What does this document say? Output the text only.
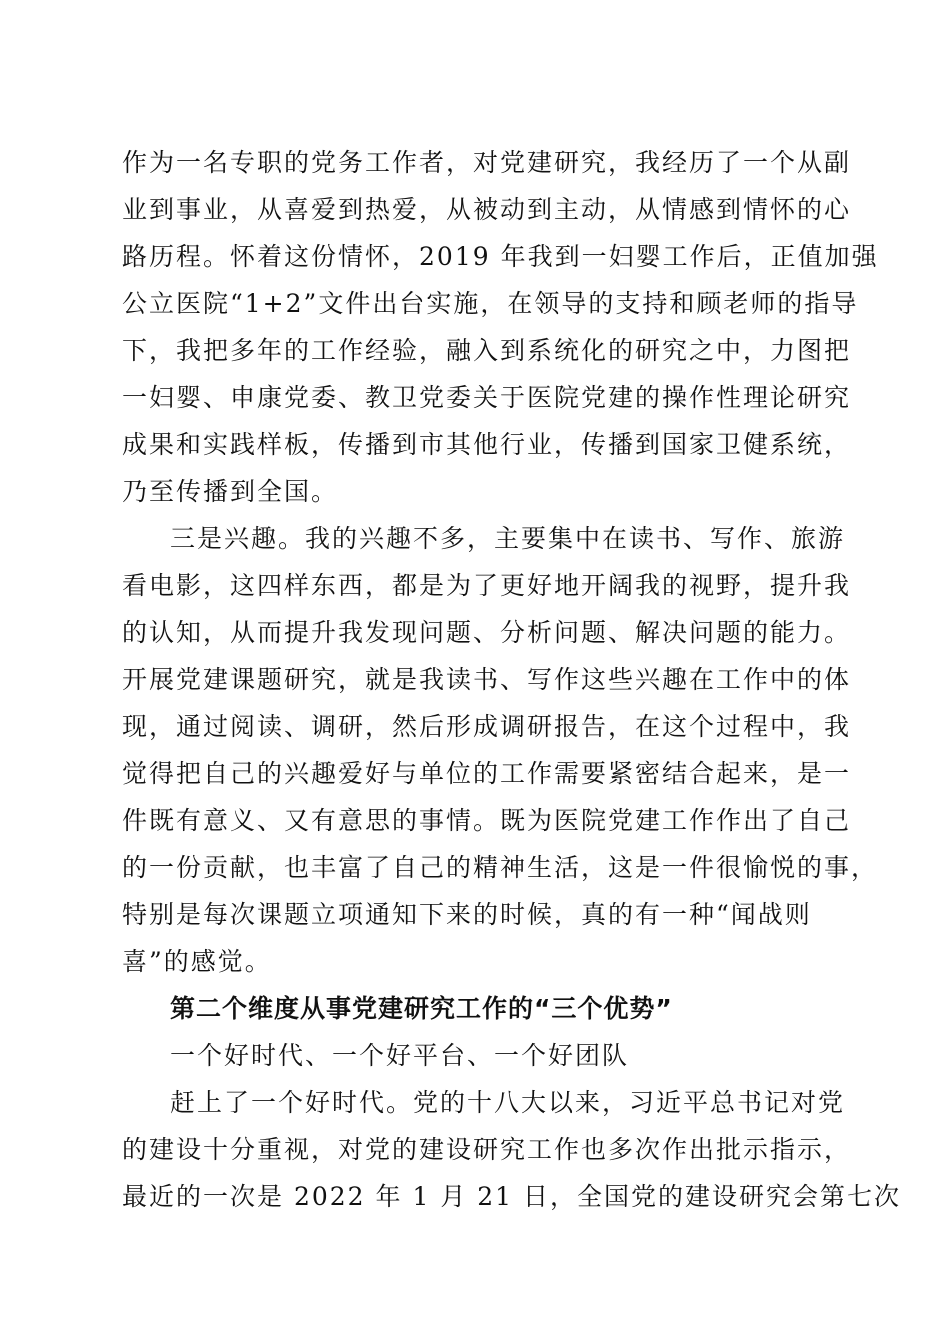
作为一名专职的党务工作者，对党建研究，我经历了一个从副
业到事业，从喜爱到热爱，从被动到主动，从情感到情怀的心
路历程。怀着这份情怀，2019 年我到一妇婴工作后，正值加强
公立医院“1+2”文件出台实施，在领导的支持和顾老师的指导
下，我把多年的工作经验，融入到系统化的研究之中，力图把
一妇婴、申康党委、教卫党委关于医院党建的操作性理论研究
成果和实践样板，传播到市其他行业，传播到国家卫健系统，
乃至传播到全国。
三是兴趣。我的兴趣不多，主要集中在读书、写作、旅游
看电影，这四样东西，都是为了更好地开阔我的视野，提升我
的认知，从而提升我发现问题、分析问题、解决问题的能力。
开展党建课题研究，就是我读书、写作这些兴趣在工作中的体
现，通过阅读、调研，然后形成调研报告，在这个过程中，我
觉得把自己的兴趣爱好与单位的工作需要紧密结合起来，是一
件既有意义、又有意思的事情。既为医院党建工作作出了自己
的一份贡献，也丰富了自己的精神生活，这是一件很愉悦的事，
特别是每次课题立项通知下来的时候，真的有一种“闻战则
喜”的感觉。
第二个维度从事党建研究工作的“三个优势”
一个好时代、一个好平台、一个好团队
赶上了一个好时代。党的十八大以来，习近平总书记对党
的建设十分重视，对党的建设研究工作也多次作出批示指示，
最近的一次是 2022 年 1 月 21 日，全国党的建设研究会第七次
